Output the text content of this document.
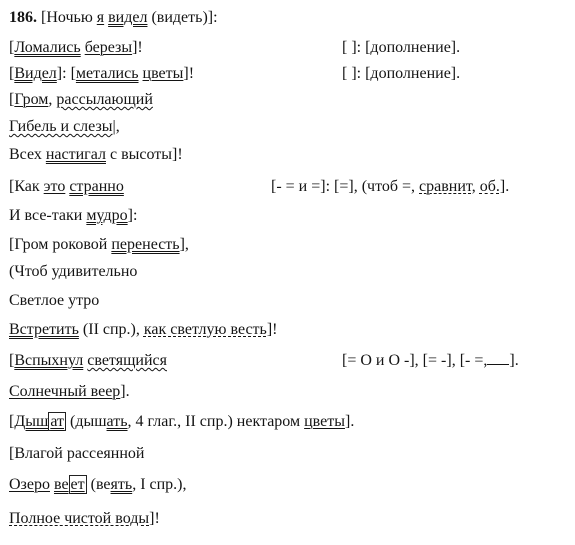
186. [Ночью я видел (видеть)]:
[Ломались березы]!	[ ]: [дополнение].
[Видел]: [метались цветы]!	[ ]: [дополнение].
[Гром, рассылающий
Гибель и слезы|,
Всех настигал с высоты]!
[Как это странно	[- = и =]: [=], (чтоб =, сравнит, об.].
И все-таки мудро]:
[Гром роковой перенесть],
(Чтоб удивительно
Светлое утро
Встретить (II спр.), как светлую весть]!
[Вспыхнул светящийся	[= O и O -], [= -], [- =, ].
Солнечный веер].
[Дыш ат (дышать, 4 глаг., II спр.) нектаром цветы].
[Влагой рассеянной
Озеро ве ет (веять, I спр.),
Полное чистой воды]!
